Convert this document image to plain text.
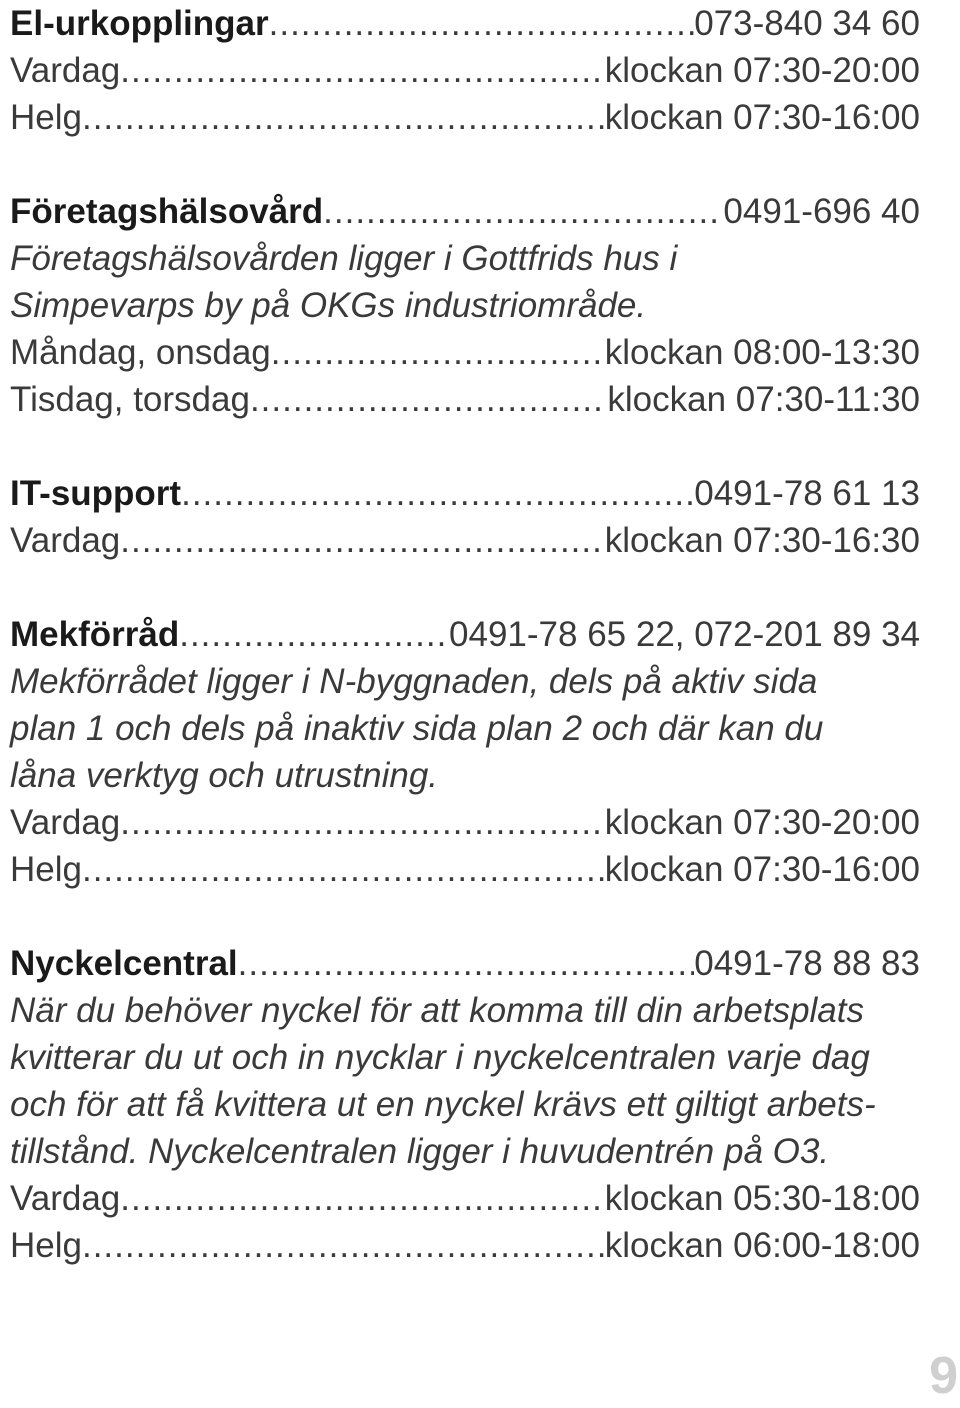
El-urkopplingar .....	073-840 34 60
Vardag .....	klockan 07:30-20:00
Helg .....	klockan 07:30-16:00
Företagshälsovård .....	0491-696 40
Företagshälsovården ligger i Gottfrids hus i
Simpevarps by på OKGs industriområde.
Måndag, onsdag .....	klockan 08:00-13:30
Tisdag, torsdag .....	klockan 07:30-11:30
IT-support .....	0491-78 61 13
Vardag .....	klockan 07:30-16:30
Mekförråd .....	0491-78 65 22, 072-201 89 34
Mekförrådet ligger i N-byggnaden, dels på aktiv sida
plan 1 och dels på inaktiv sida plan 2 och där kan du
låna verktyg och utrustning.
Vardag .....	klockan 07:30-20:00
Helg .....	klockan 07:30-16:00
Nyckelcentral .....	0491-78 88 83
När du behöver nyckel för att komma till din arbetsplats
kvitterar du ut och in nycklar i nyckelcentralen varje dag
och för att få kvittera ut en nyckel krävs ett giltigt arbets-
tillstånd. Nyckelcentralen ligger i huvudentrén på O3.
Vardag .....	klockan 05:30-18:00
Helg .....	klockan 06:00-18:00
9
